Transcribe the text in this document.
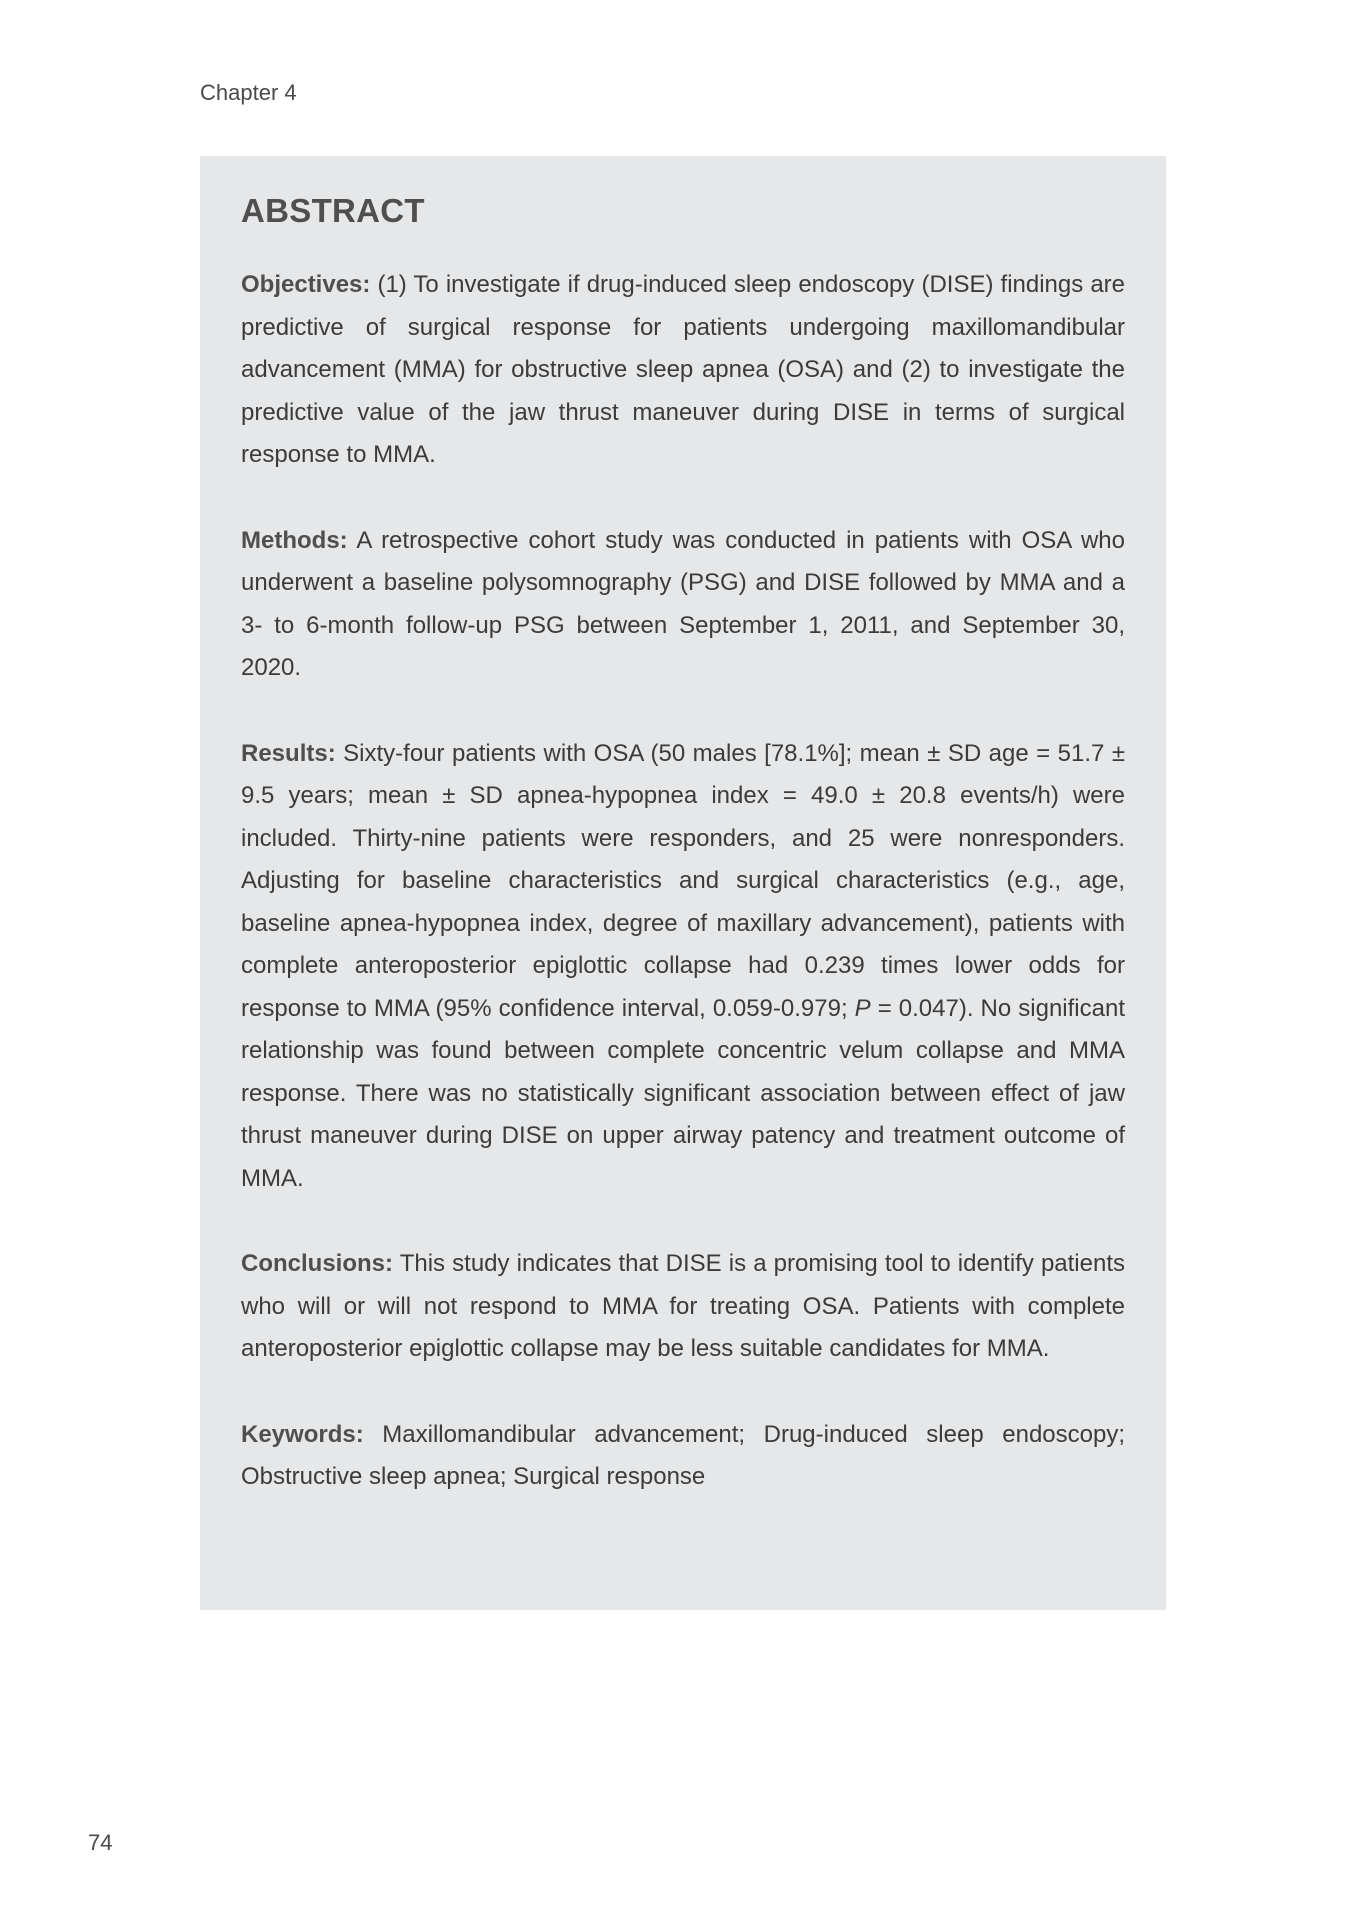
Chapter 4

ABSTRACT

Objectives: (1) To investigate if drug-induced sleep endoscopy (DISE) findings are predictive of surgical response for patients undergoing maxillomandibular advancement (MMA) for obstructive sleep apnea (OSA) and (2) to investigate the predictive value of the jaw thrust maneuver during DISE in terms of surgical response to MMA.

Methods: A retrospective cohort study was conducted in patients with OSA who underwent a baseline polysomnography (PSG) and DISE followed by MMA and a 3- to 6-month follow-up PSG between September 1, 2011, and September 30, 2020.

Results: Sixty-four patients with OSA (50 males [78.1%]; mean ± SD age = 51.7 ± 9.5 years; mean ± SD apnea-hypopnea index = 49.0 ± 20.8 events/h) were included. Thirty-nine patients were responders, and 25 were nonresponders. Adjusting for baseline characteristics and surgical characteristics (e.g., age, baseline apnea-hypopnea index, degree of maxillary advancement), patients with complete anteroposterior epiglottic collapse had 0.239 times lower odds for response to MMA (95% confidence interval, 0.059-0.979; P = 0.047). No significant relationship was found between complete concentric velum collapse and MMA response. There was no statistically significant association between effect of jaw thrust maneuver during DISE on upper airway patency and treatment outcome of MMA.

Conclusions: This study indicates that DISE is a promising tool to identify patients who will or will not respond to MMA for treating OSA. Patients with complete anteroposterior epiglottic collapse may be less suitable candidates for MMA.

Keywords: Maxillomandibular advancement; Drug-induced sleep endoscopy; Obstructive sleep apnea; Surgical response

74
